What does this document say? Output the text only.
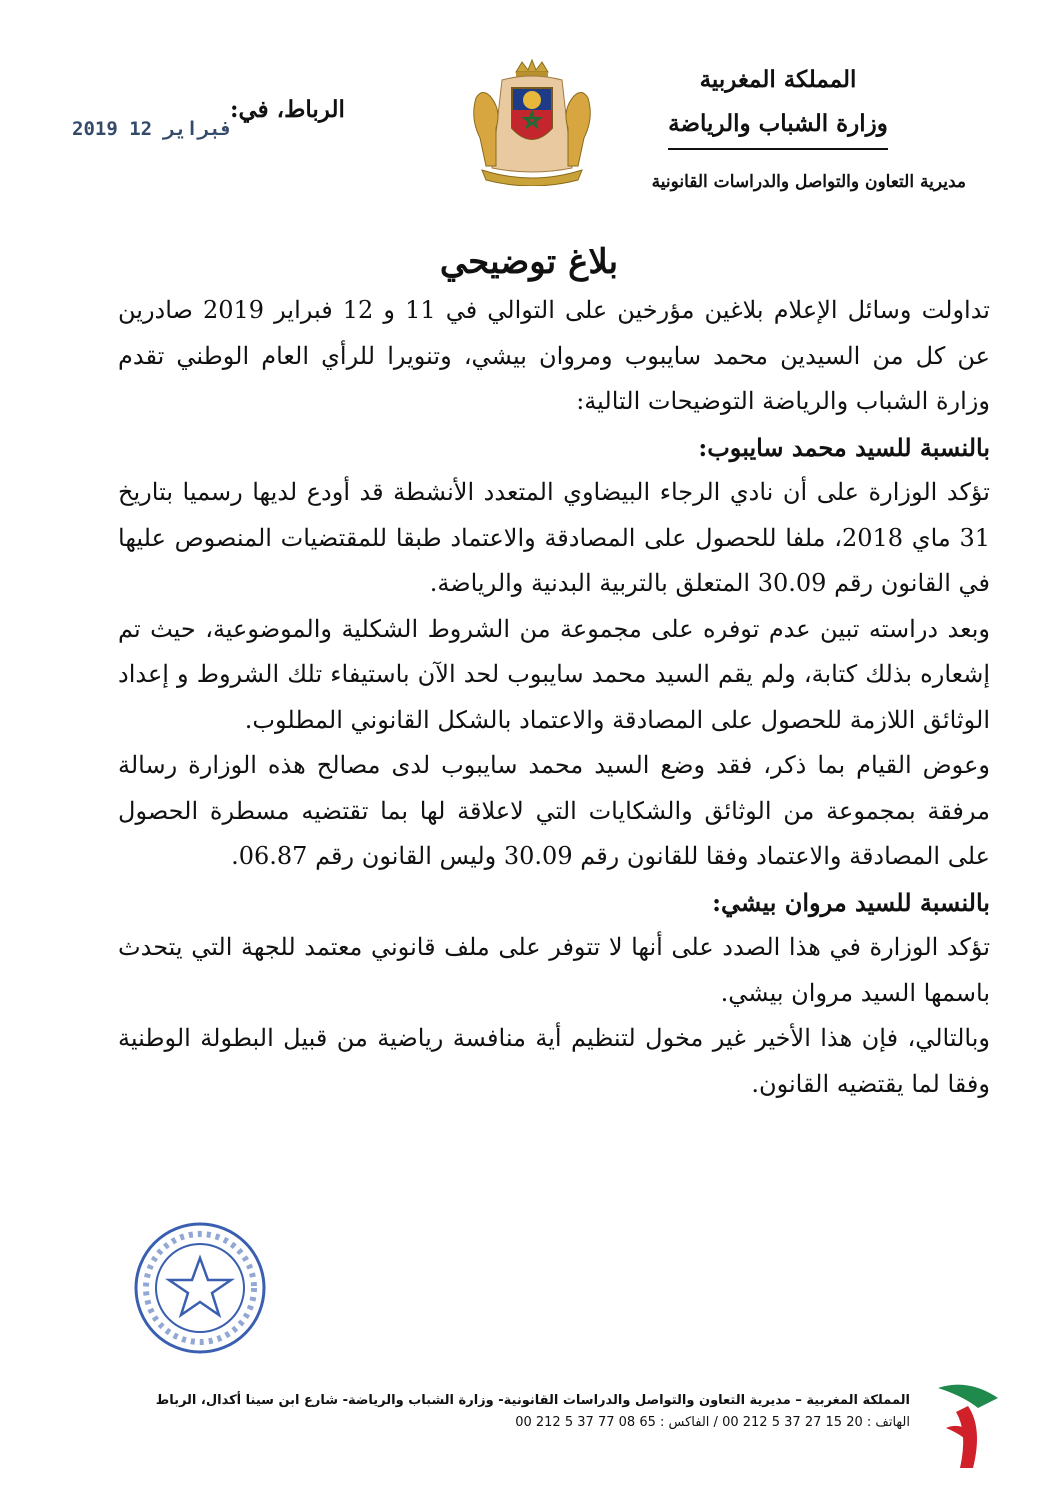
المملكة المغربية
وزارة الشباب والرياضة
مديرية التعاون والتواصل والدراسات القانونية
الرباط، في:
2019 فبراير 12
بلاغ توضيحي

تداولت وسائل الإعلام بلاغين مؤرخين على التوالي في 11 و 12 فبراير 2019 صادرين عن كل من السيدين محمد سايبوب ومروان بيشي، وتنويرا للرأي العام الوطني تقدم وزارة الشباب والرياضة التوضيحات التالية:

بالنسبة للسيد محمد سايبوب:

تؤكد الوزارة على أن نادي الرجاء البيضاوي المتعدد الأنشطة قد أودع لديها رسميا بتاريخ 31 ماي 2018، ملفا للحصول على المصادقة والاعتماد طبقا للمقتضيات المنصوص عليها في القانون رقم 30.09 المتعلق بالتربية البدنية والرياضة.

وبعد دراسته تبين عدم توفره على مجموعة من الشروط الشكلية والموضوعية، حيث تم إشعاره بذلك كتابة، ولم يقم السيد محمد سايبوب لحد الآن باستيفاء تلك الشروط و إعداد الوثائق اللازمة للحصول على المصادقة والاعتماد بالشكل القانوني المطلوب.

وعوض القيام بما ذكر، فقد وضع السيد محمد سايبوب لدى مصالح هذه الوزارة رسالة مرفقة بمجموعة من الوثائق والشكايات التي لاعلاقة لها بما تقتضيه مسطرة الحصول على المصادقة والاعتماد وفقا للقانون رقم 30.09 وليس القانون رقم 06.87.

بالنسبة للسيد مروان بيشي:

تؤكد الوزارة في هذا الصدد على أنها لا تتوفر على ملف قانوني معتمد للجهة التي يتحدث باسمها السيد مروان بيشي.

وبالتالي، فإن هذا الأخير غير مخول لتنظيم أية منافسة رياضية من قبيل البطولة الوطنية وفقا لما يقتضيه القانون.

المملكة المغربية – مديرية التعاون والتواصل والدراسات القانونية- وزارة الشباب والرياضة- شارع ابن سينا أكدال، الرباط
الهاتف : 20 15 27 37 5 212 00 / الفاكس : 65 08 77 37 5 212 00
